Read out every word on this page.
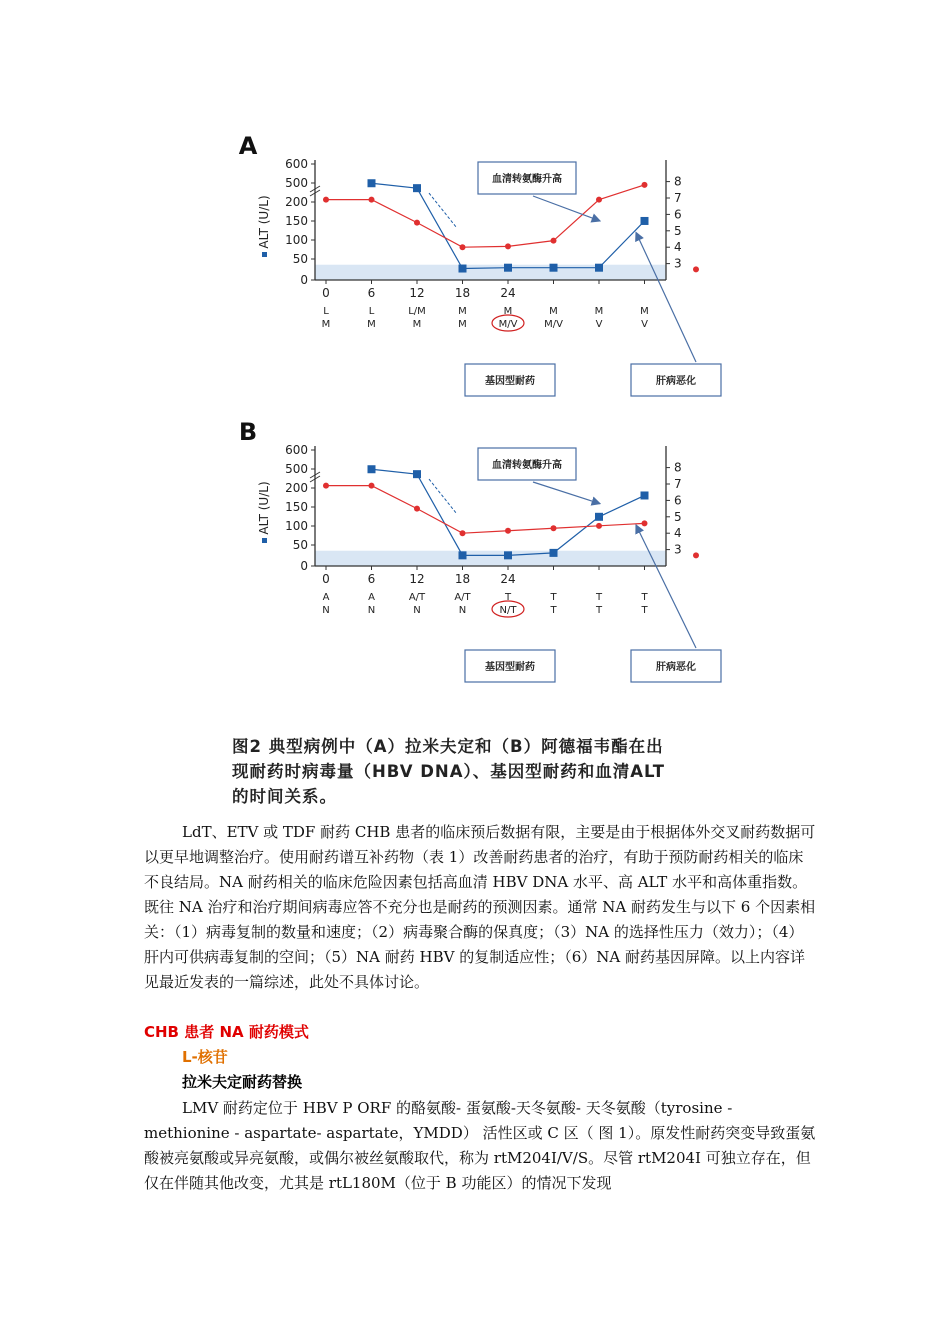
A
600
500
200
150
100
50
0
ALT (U/L)
8
7
6
5
4
3
0
L
M
6
L
M
12
L/M
M
18
M
M
24
M
M/V
M
M/V
M
V
M
V
血清转氨酶升高
基因型耐药	肝病恶化
B
600
500
200
150
100
50
0
ALT (U/L)
8
7
6
5
4
3
0
A
N
6
A
N
12
A/T
N
18
A/T
N
24
T
N/T
T
T
T
T
T
T
血清转氨酶升高
基因型耐药	肝病恶化
图2 典型病例中（A）拉米夫定和（B）阿德福韦酯在出
现耐药时病毒量（HBV DNA）、基因型耐药和血清ALT
的时间关系。

LdT、ETV 或 TDF 耐药 CHB 患者的临床预后数据有限，主要是由于根据体外交叉耐药数据可以更早地调整治疗。使用耐药谱互补药物（表 1）改善耐药患者的治疗，有助于预防耐药相关的临床不良结局。NA 耐药相关的临床危险因素包括高血清 HBV DNA 水平、高 ALT 水平和高体重指数。既往 NA 治疗和治疗期间病毒应答不充分也是耐药的预测因素。通常 NA 耐药发生与以下 6 个因素相关：（1）病毒复制的数量和速度；（2）病毒聚合酶的保真度；（3）NA 的选择性压力（效力）；（4）肝内可供病毒复制的空间；（5）NA 耐药 HBV 的复制适应性；（6）NA 耐药基因屏障。以上内容详见最近发表的一篇综述，此处不具体讨论。

CHB 患者 NA 耐药模式
L-核苷
拉米夫定耐药替换

LMV 耐药定位于 HBV P ORF 的酪氨酸- 蛋氨酸-天冬氨酸- 天冬氨酸（tyrosine - methionine - aspartate- aspartate，YMDD） 活性区或 C 区（ 图 1）。原发性耐药突变导致蛋氨酸被亮氨酸或异亮氨酸，或偶尔被丝氨酸取代，称为 rtM204I/V/S。尽管 rtM204I 可独立存在，但仅在伴随其他改变，尤其是 rtL180M（位于 B 功能区）的情况下发现
